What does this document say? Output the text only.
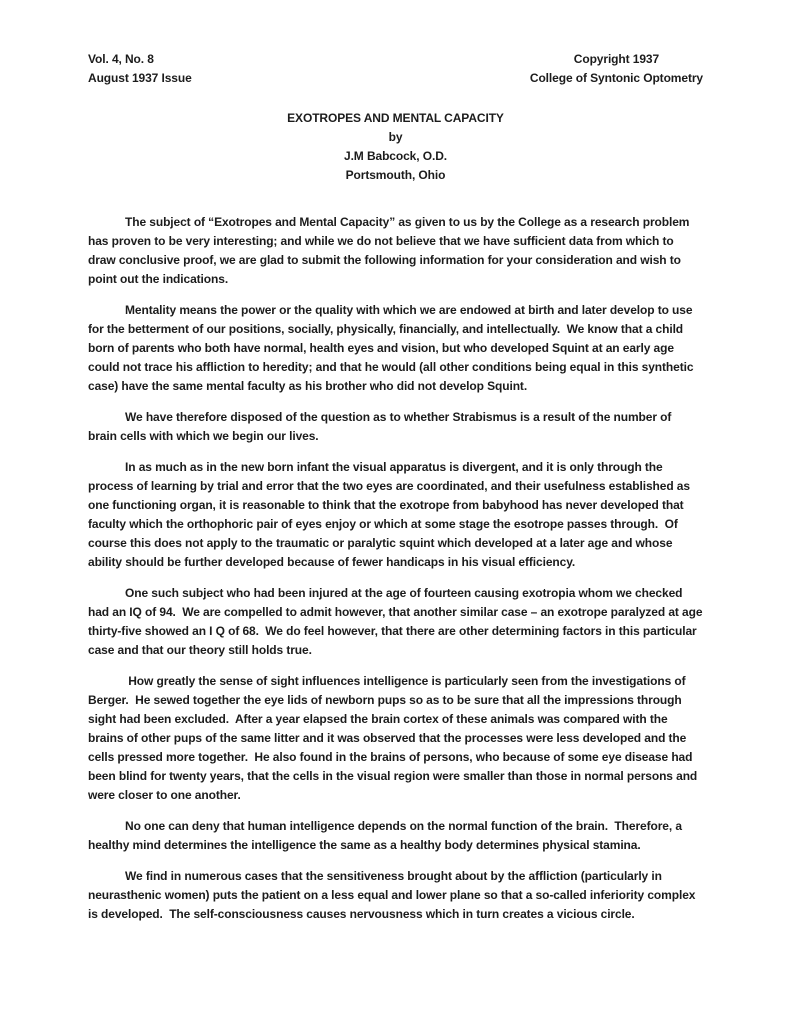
Vol. 4, No. 8
August 1937 Issue
Copyright 1937
College of Syntonic Optometry
EXOTROPES AND MENTAL CAPACITY
by
J.M Babcock, O.D.
Portsmouth, Ohio

The subject of “Exotropes and Mental Capacity” as given to us by the College as a research problem has proven to be very interesting; and while we do not believe that we have sufficient data from which to draw conclusive proof, we are glad to submit the following information for your consideration and wish to point out the indications.

Mentality means the power or the quality with which we are endowed at birth and later develop to use for the betterment of our positions, socially, physically, financially, and intellectually.  We know that a child born of parents who both have normal, health eyes and vision, but who developed Squint at an early age could not trace his affliction to heredity; and that he would (all other conditions being equal in this synthetic case) have the same mental faculty as his brother who did not develop Squint.

We have therefore disposed of the question as to whether Strabismus is a result of the number of brain cells with which we begin our lives.

In as much as in the new born infant the visual apparatus is divergent, and it is only through the process of learning by trial and error that the two eyes are coordinated, and their usefulness established as one functioning organ, it is reasonable to think that the exotrope from babyhood has never developed that faculty which the orthophoric pair of eyes enjoy or which at some stage the esotrope passes through.  Of course this does not apply to the traumatic or paralytic squint which developed at a later age and whose ability should be further developed because of fewer handicaps in his visual efficiency.

One such subject who had been injured at the age of fourteen causing exotropia whom we checked had an IQ of 94.  We are compelled to admit however, that another similar case – an exotrope paralyzed at age thirty-five showed an I Q of 68.  We do feel however, that there are other determining factors in this particular case and that our theory still holds true.

How greatly the sense of sight influences intelligence is particularly seen from the investigations of Berger.  He sewed together the eye lids of newborn pups so as to be sure that all the impressions through sight had been excluded.  After a year elapsed the brain cortex of these animals was compared with the brains of other pups of the same litter and it was observed that the processes were less developed and the cells pressed more together.  He also found in the brains of persons, who because of some eye disease had been blind for twenty years, that the cells in the visual region were smaller than those in normal persons and were closer to one another.

No one can deny that human intelligence depends on the normal function of the brain.  Therefore, a healthy mind determines the intelligence the same as a healthy body determines physical stamina.

We find in numerous cases that the sensitiveness brought about by the affliction (particularly in neurasthenic women) puts the patient on a less equal and lower plane so that a so-called inferiority complex is developed.  The self-consciousness causes nervousness which in turn creates a vicious circle.
